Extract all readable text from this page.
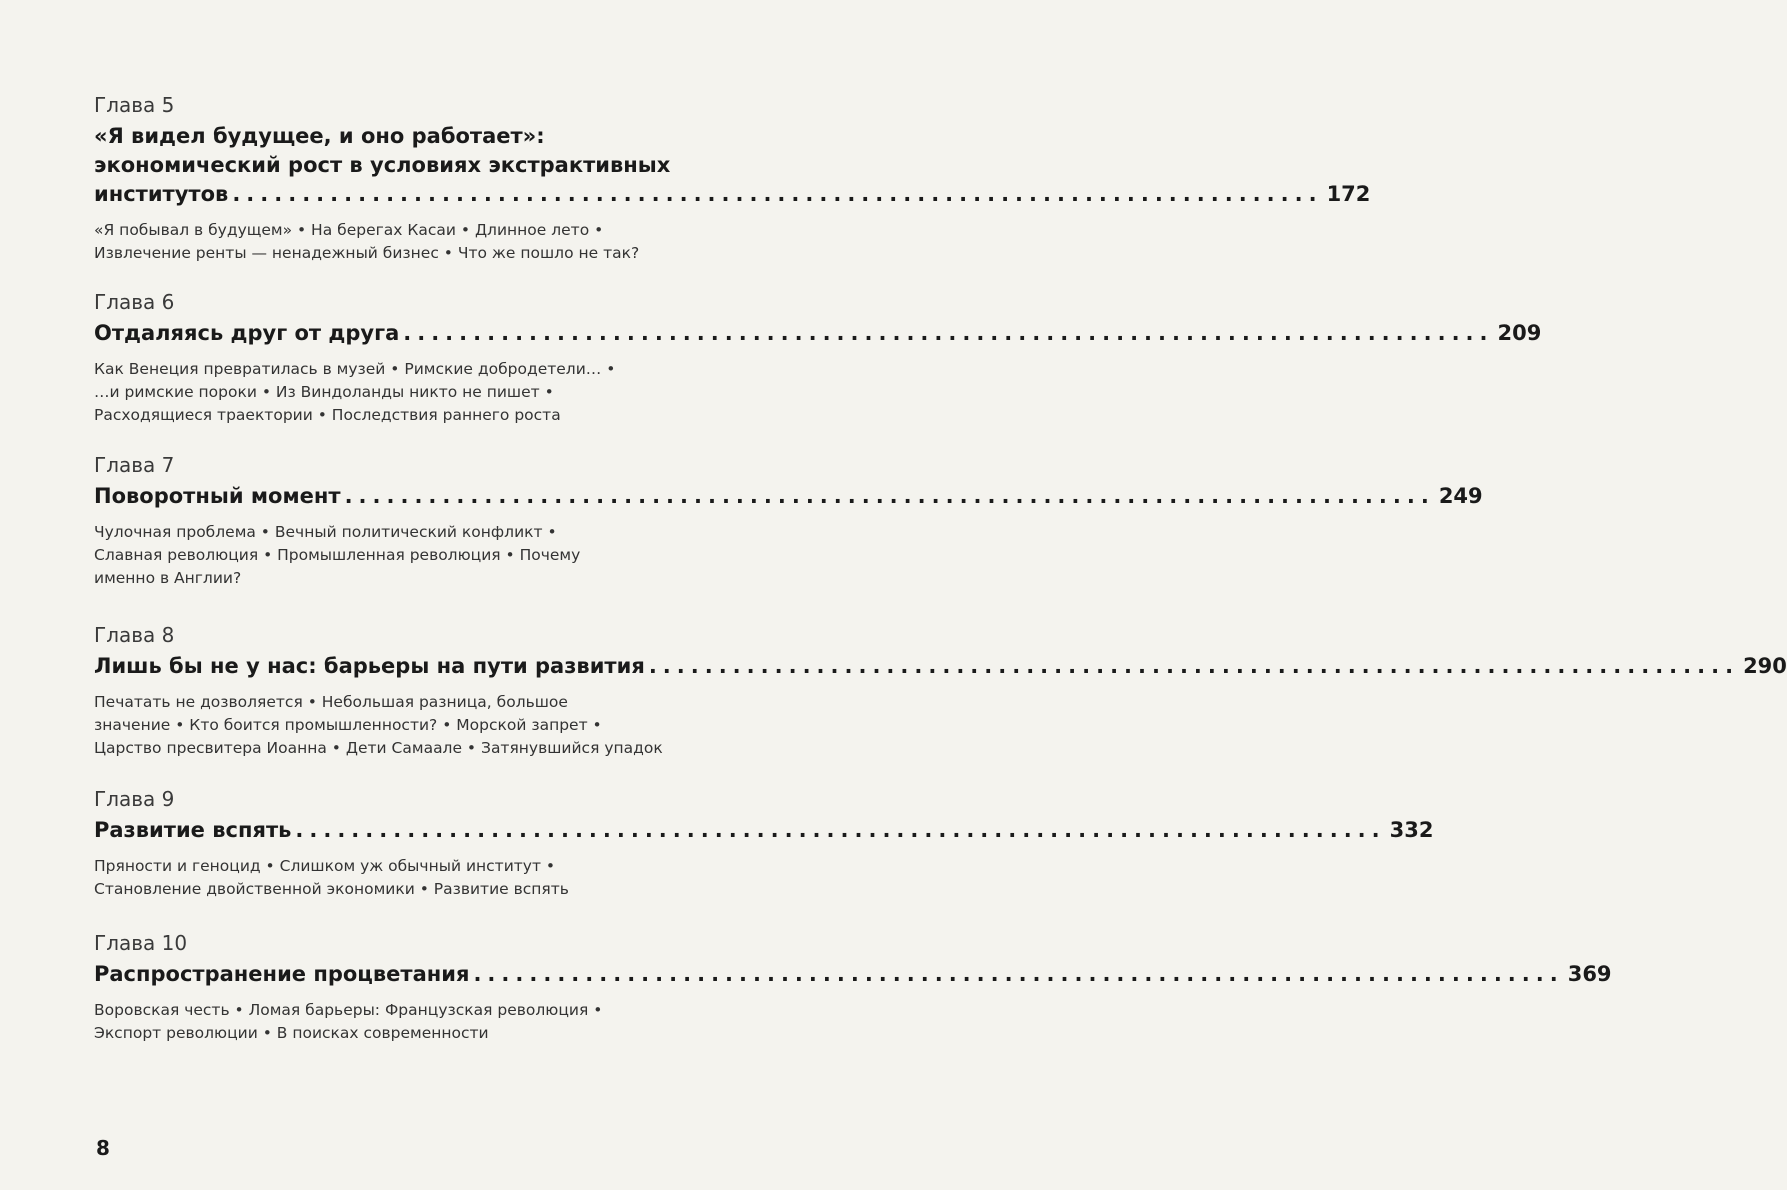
Глава 5

«Я видел будущее, и оно работает»:

экономический рост в условиях экстрактивных

институтов .............................................................................. 172
«Я побывал в будущем» • На берегах Касаи • Длинное лето •
Извлечение ренты — ненадежный бизнес • Что же пошло не так?

Глава 6

Отдаляясь друг от друга .............................................................................. 209
Как Венеция превратилась в музей • Римские добродетели… •
…и римские пороки • Из Виндоланды никто не пишет •
Расходящиеся траектории • Последствия раннего роста

Глава 7

Поворотный момент .............................................................................. 249
Чулочная проблема • Вечный политический конфликт •
Славная революция • Промышленная революция • Почему
именно в Англии?

Глава 8

Лишь бы не у нас: барьеры на пути развития .............................................................................. 290
Печатать не дозволяется • Небольшая разница, большое
значение • Кто боится промышленности? • Морской запрет •
Царство пресвитера Иоанна • Дети Самаале • Затянувшийся упадок

Глава 9

Развитие вспять .............................................................................. 332
Пряности и геноцид • Слишком уж обычный институт •
Становление двойственной экономики • Развитие вспять

Глава 10

Распространение процветания .............................................................................. 369
Воровская честь • Ломая барьеры: Французская революция •
Экспорт революции • В поисках современности
8
